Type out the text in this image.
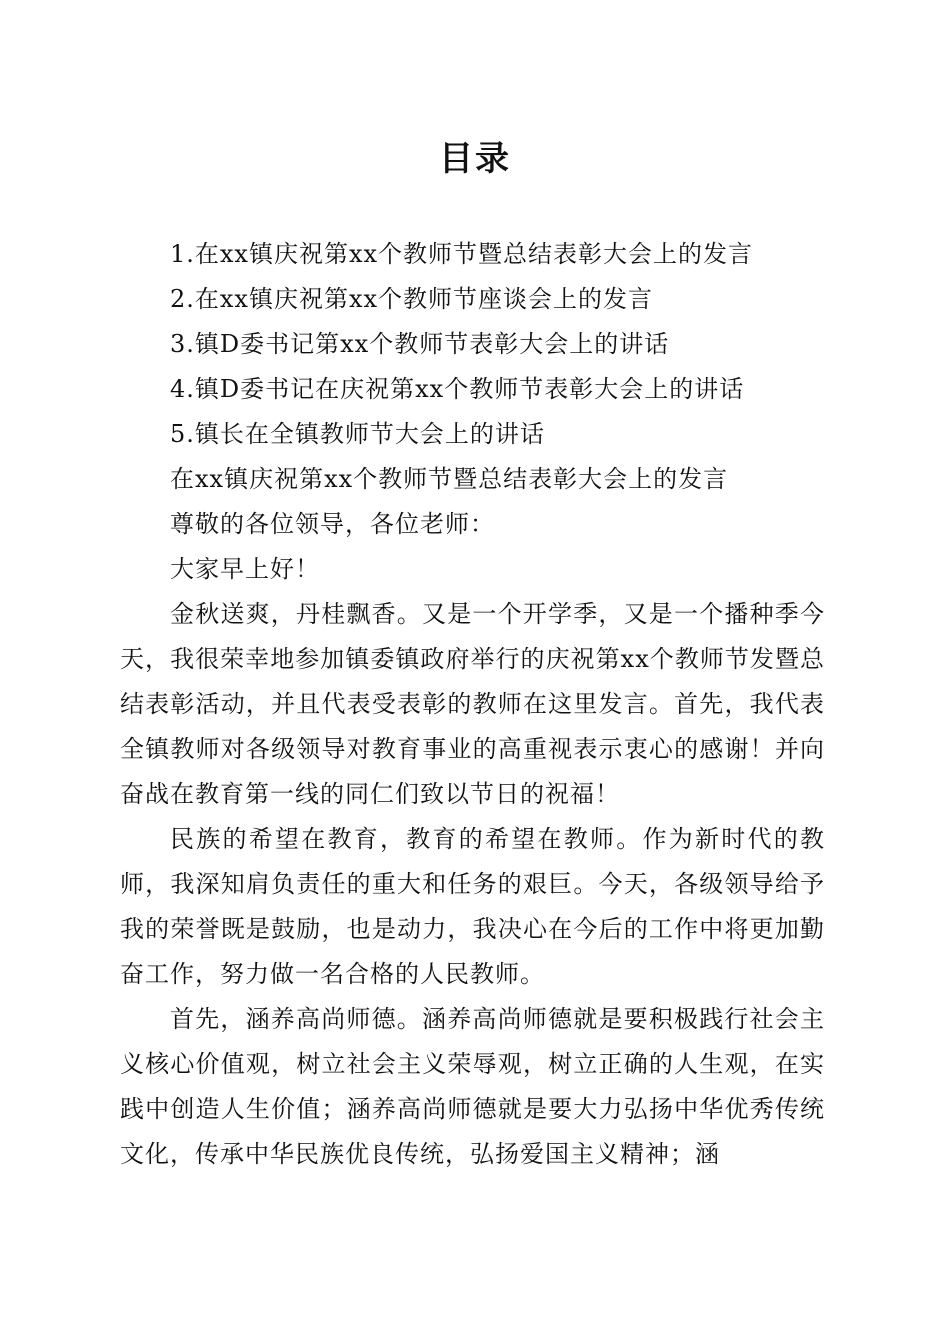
目录
1.在xx镇庆祝第xx个教师节暨总结表彰大会上的发言
2.在xx镇庆祝第xx个教师节座谈会上的发言
3.镇D委书记第xx个教师节表彰大会上的讲话
4.镇D委书记在庆祝第xx个教师节表彰大会上的讲话
5.镇长在全镇教师节大会上的讲话
在xx镇庆祝第xx个教师节暨总结表彰大会上的发言
尊敬的各位领导，各位老师：
大家早上好！

金秋送爽，丹桂飘香。又是一个开学季，又是一个播种季今天，我很荣幸地参加镇委镇政府举行的庆祝第xx个教师节发暨总结表彰活动，并且代表受表彰的教师在这里发言。首先，我代表全镇教师对各级领导对教育事业的高重视表示衷心的感谢！并向奋战在教育第一线的同仁们致以节日的祝福！

民族的希望在教育，教育的希望在教师。作为新时代的教师，我深知肩负责任的重大和任务的艰巨。今天，各级领导给予我的荣誉既是鼓励，也是动力，我决心在今后的工作中将更加勤奋工作，努力做一名合格的人民教师。

首先，涵养高尚师德。涵养高尚师德就是要积极践行社会主义核心价值观，树立社会主义荣辱观，树立正确的人生观，在实践中创造人生价值；涵养高尚师德就是要大力弘扬中华优秀传统文化，传承中华民族优良传统，弘扬爱国主义精神；涵
